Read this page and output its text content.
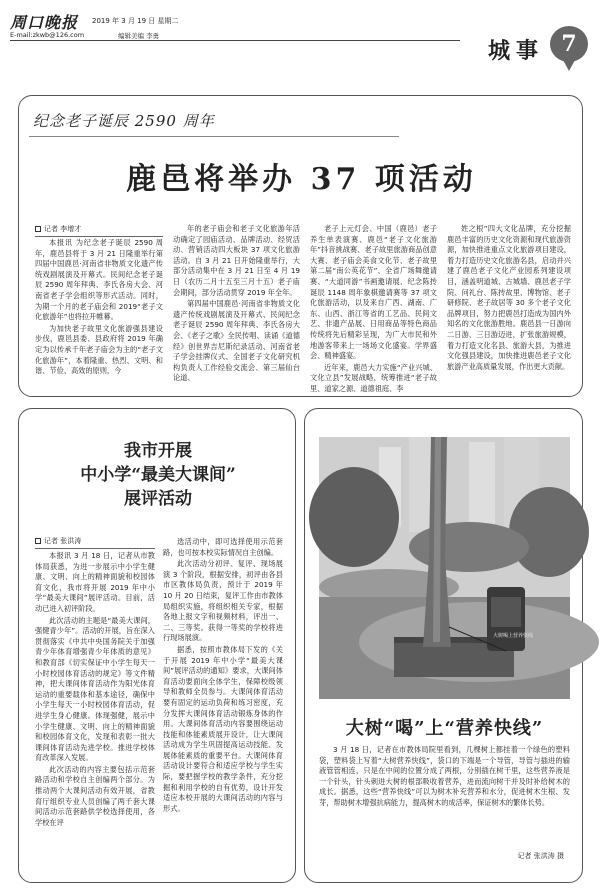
周口晚报 2019 年 3 月 19 日 星期二
E-mail:zkwb@126.com	编辑美编 李勇
城事 7
纪念老子诞辰 2590 周年
鹿邑将举办 37 项活动
记者 李增才

本报讯 为纪念老子诞辰 2590 周年，鹿邑县将于 3 月 21 日隆重举行第四届中国鹿邑·河南省非物质文化遗产传统戏剧展演及开幕式。民间纪念老子诞辰 2590 周年拜典、李氏各房大会、河南省老子学会组织等形式活动。同时，为期一个月的老子庙会和 2019“老子文化旅游年”也将拉开帷幕。

为加快老子故里文化旅游强县建设步伐，鹿邑县委、县政府将 2019 年确定为以传承千年老子庙会为主的“老子文化旅游年”，本着隆重、热烈、文明、和谐、节俭、高效的原则，今

年的老子庙会和老子文化旅游年活动确定了园庙活动、品牌活动、经贸活动、营销活动四大板块 37 项文化旅游活动。自 3 月 21 日开始隆重举行，大部分活动集中在 3 月 21 日至 4 月 19 日（农历二月十五至三月十五）老子庙会期间，部分活动贯穿 2019 年全年。

第四届中国鹿邑·河南省非物质文化遗产传统戏剧展演及开幕式、民间纪念老子诞辰 2590 周年拜典、李氏各房大会、《老子之歌》全民传唱、读诵《道德经》创世界吉尼斯纪录活动、河南省老子学会挂牌仪式、全国老子文化研究机构负责人工作经验交流会、第三届仙台论道、

老子上元灯会、中国（鹿邑）老子养生单表演赛、鹿邑“老子文化旅游年”抖音挑战赛、老子故里旅游商品创意大赛、老子庙会美食文化节、老子故里第二届“南公英花节”、全省广场舞邀请赛、“大道同游”书画邀请展、纪念陈抟诞辰 1148 周年象棋邀请赛等 37 项文化旅游活动，以及来自广西、湖南、广东、山西、浙江等省的工艺品、民间文艺、非遗产品展、日用商品等特色商品传统将先后精彩呈现，为广大市民和外地游客带来上一场场文化盛宴。学界盛会、精神盛宴。

近年来，鹿邑大力实施“产业兴城、文化立县”发展战略，统筹推进“老子故里、道家之源、道德祖庭、李

姓之根”四大文化品牌，充分挖掘鹿邑丰富的历史文化资源和现代旅游资源，加快推进重点文化旅游项目建设，着力打造历史文化旅游名县，启动并兴建了鹿邑老子文化产业园系列建设项目，涵盖明道城、古城墙、鹿邑老子学院、问礼台、陈抟故里、博物馆、老子研修院、老子故居等 30 多个老子文化品牌项目，努力把鹿邑打造成为国内外知名的文化旅游胜地。鹿邑县一日游向二日游、三日游迈进，扩张旅游规模，着力打造文化名县、旅游大县，为推进文化强县建设，加快推进鹿邑老子文化旅游产业高质量发展，作出更大贡献。

我市开展
中小学“最美大课间”
展评活动
记者 张洪涛

本报讯 3 月 18 日，记者从市教体局获悉，为进一步展示中小学生健康、文明、向上的精神面貌和校园体育文化，我市将开展 2019 年中小学“最美大课间”展评活动。目前，活动已进入初评阶段。

此次活动的主题是“最美大课间，强健青少年”。活动的开展，旨在深入贯彻落实《中共中央国务院关于加强青少年体育增强青少年体质的意见》和教育部《切实保证中小学生每天一小时校园体育活动的规定》等文件精神，把大课间体育活动作为阳光体育运动的重要载体和基本途径，确保中小学生每天一小时校园体育活动，促进学生身心健康。体现强健，展示中小学生健康、文明、向上的精神面貌和校园体育文化，发现和表彰一批大课间体育活动先进学校。推进学校体育改革深入发展。

此次活动的内容主要包括示范套路活动和学校自主创编两个部分。为推动两个大课间活动有效开展，省教育厅组织专业人员创编了两千套大课间活动示范套路供学校选择使用，各学校在评

选活动中，即可选择使用示范套路，也可按本校实际情况自主创编。

此次活动分初评、复评、现场展演 3 个阶段，根据安排，初评由各县市区教体局负责，预计于 2019 年 10 月 20 日结束，复评工作由市教体局组织实施，将组织相关专家，根据各地上报文字和视频材料，评出一、二、三等奖。获得一等奖的学校将进行现场展演。

据悉，按照市教体局下发的《关于开展 2019 年中小学“最美大课间”展评活动的通知》要求，大课间体育活动要面向全体学生，保障校级领导和教师全员参与。大课间体育活动要有固定的运动负荷和练习密度，充分发挥大课间体育活动锻炼身体的作用。大课间体育活动内容要围绕运动技能和体能素质展开设计，让大课间活动成为学生巩固提高运动技能、发展体能素质的重要平台。大课间体育活动设计要符合和适应学校与学生实际，要把握学校的教学条件，充分挖掘和利用学校的自有优势，设计开发适应本校开展的大课间活动的内容与形式。

大树喝上营养快线
大树“喝”上“营养快线”

3 月 18 日，记者在市教体局院里看到，几棵树上都挂着一个绿色的塑料袋，塑料袋上写着“大树营养快线”，袋口的下端是一个导管，导管与插进的输液管管相连，只是在中间的位置分成了两根，分别插在树干里，这些营养液是一个针头，针头刺进大树的根部吸收着营养，进而流向树干并及时补给树木的成长。据悉，这些“营养快线”可以为树木补充营养和水分，促进树木生根、发芽，帮助树木增强抗病能力，提高树木的成活率，保证树木的繁体长势。

记者 张洪涛 摄
